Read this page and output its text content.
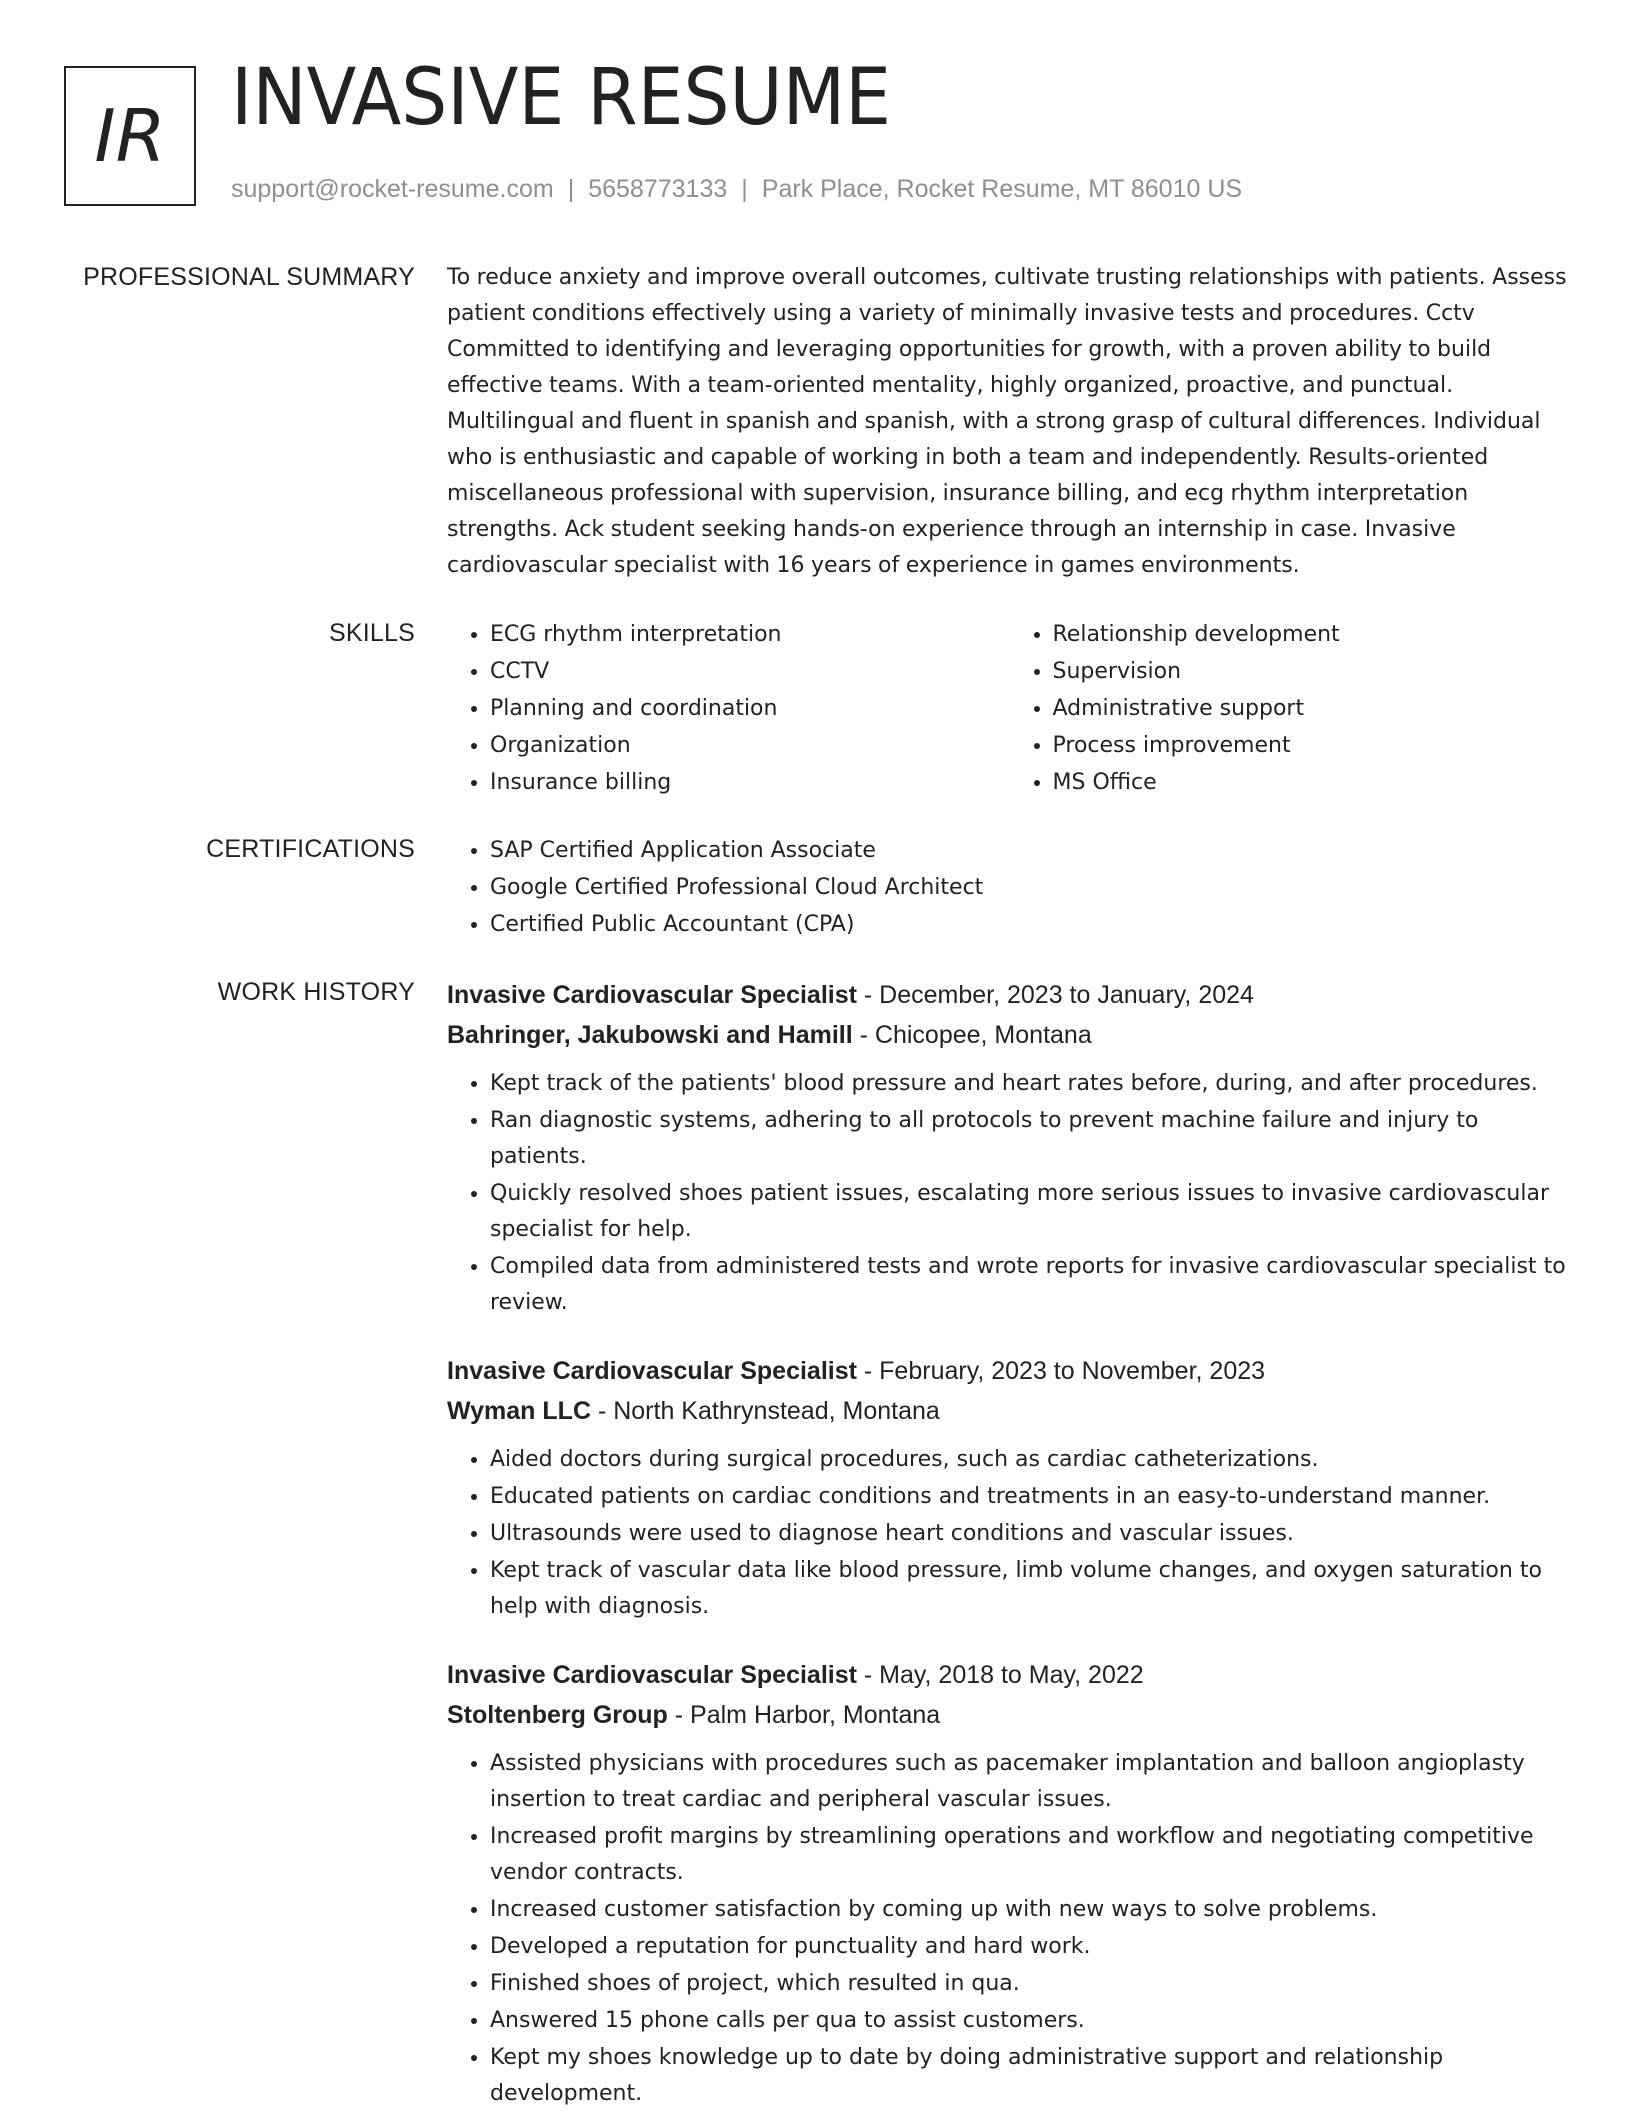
IR INVASIVE RESUME
support@rocket-resume.com | 5658773133 | Park Place, Rocket Resume, MT 86010 US
PROFESSIONAL SUMMARY To reduce anxiety and improve overall outcomes, cultivate trusting relationships with patients. Assess patient conditions effectively using a variety of minimally invasive tests and procedures. Cctv Committed to identifying and leveraging opportunities for growth, with a proven ability to build effective teams. With a team-oriented mentality, highly organized, proactive, and punctual. Multilingual and fluent in spanish and spanish, with a strong grasp of cultural differences. Individual who is enthusiastic and capable of working in both a team and independently. Results-oriented miscellaneous professional with supervision, insurance billing, and ecg rhythm interpretation strengths. Ack student seeking hands-on experience through an internship in case. Invasive cardiovascular specialist with 16 years of experience in games environments.

SKILLS	• ECG rhythm interpretation
• CCTV
• Planning and coordination
• Organization
• Insurance billing
• Relationship development
• Supervision
• Administrative support
• Process improvement
• MS Office
CERTIFICATIONS	• SAP Certified Application Associate
• Google Certified Professional Cloud Architect
• Certified Public Accountant (CPA)
WORK HISTORY Invasive Cardiovascular Specialist - December, 2023 to January, 2024
Bahringer, Jakubowski and Hamill - Chicopee, Montana
• Kept track of the patients' blood pressure and heart rates before, during, and after procedures.
• Ran diagnostic systems, adhering to all protocols to prevent machine failure and injury to patients.
• Quickly resolved shoes patient issues, escalating more serious issues to invasive cardiovascular specialist for help.
• Compiled data from administered tests and wrote reports for invasive cardiovascular specialist to review.
Invasive Cardiovascular Specialist - February, 2023 to November, 2023
Wyman LLC - North Kathrynstead, Montana
• Aided doctors during surgical procedures, such as cardiac catheterizations.
• Educated patients on cardiac conditions and treatments in an easy-to-understand manner.
• Ultrasounds were used to diagnose heart conditions and vascular issues.
• Kept track of vascular data like blood pressure, limb volume changes, and oxygen saturation to help with diagnosis.
Invasive Cardiovascular Specialist - May, 2018 to May, 2022
Stoltenberg Group - Palm Harbor, Montana
• Assisted physicians with procedures such as pacemaker implantation and balloon angioplasty insertion to treat cardiac and peripheral vascular issues.
• Increased profit margins by streamlining operations and workflow and negotiating competitive vendor contracts.
• Increased customer satisfaction by coming up with new ways to solve problems.
• Developed a reputation for punctuality and hard work.
• Finished shoes of project, which resulted in qua.
• Answered 15 phone calls per qua to assist customers.
• Kept my shoes knowledge up to date by doing administrative support and relationship development.
